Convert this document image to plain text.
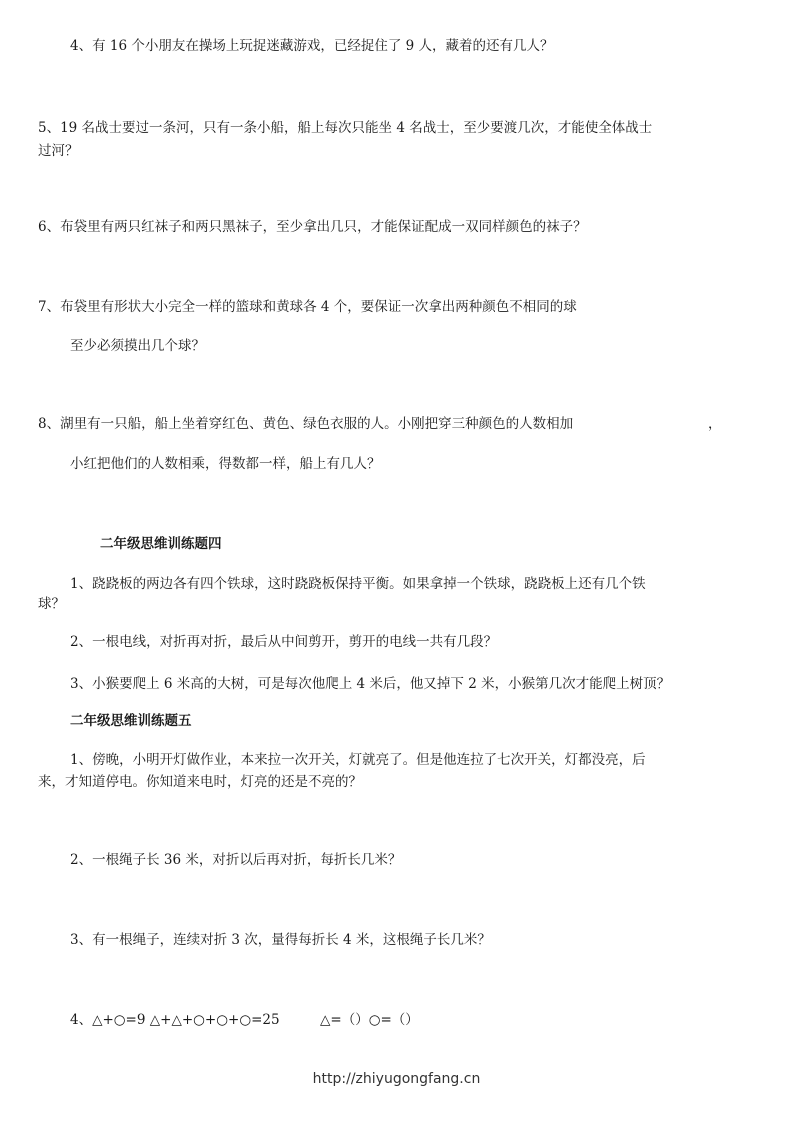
4、有 16 个小朋友在操场上玩捉迷藏游戏，已经捉住了 9 人，藏着的还有几人？
5、19 名战士要过一条河，只有一条小船，船上每次只能坐 4 名战士，至少要渡几次，才能使全体战士
过河？
6、布袋里有两只红袜子和两只黑袜子，至少拿出几只，才能保证配成一双同样颜色的袜子？
7、布袋里有形状大小完全一样的篮球和黄球各 4 个，要保证一次拿出两种颜色不相同的球
至少必须摸出几个球？
8、湖里有一只船，船上坐着穿红色、黄色、绿色衣服的人。小刚把穿三种颜色的人数相加	，
小红把他们的人数相乘，得数都一样，船上有几人？
二年级思维训练题四
1、跷跷板的两边各有四个铁球，这时跷跷板保持平衡。如果拿掉一个铁球，跷跷板上还有几个铁
球？
2、一根电线，对折再对折，最后从中间剪开，剪开的电线一共有几段？
3、小猴要爬上 6 米高的大树，可是每次他爬上 4 米后，他又掉下 2 米，小猴第几次才能爬上树顶？
二年级思维训练题五
1、傍晚，小明开灯做作业，本来拉一次开关，灯就亮了。但是他连拉了七次开关，灯都没亮，后
来，才知道停电。你知道来电时，灯亮的还是不亮的？
2、一根绳子长 36 米，对折以后再对折，每折长几米？
3、有一根绳子，连续对折 3 次，量得每折长 4 米，这根绳子长几米？
4、△+○=9 △+△+○+○+○=25	△=（）○=（）
http://zhiyugongfang.cn
